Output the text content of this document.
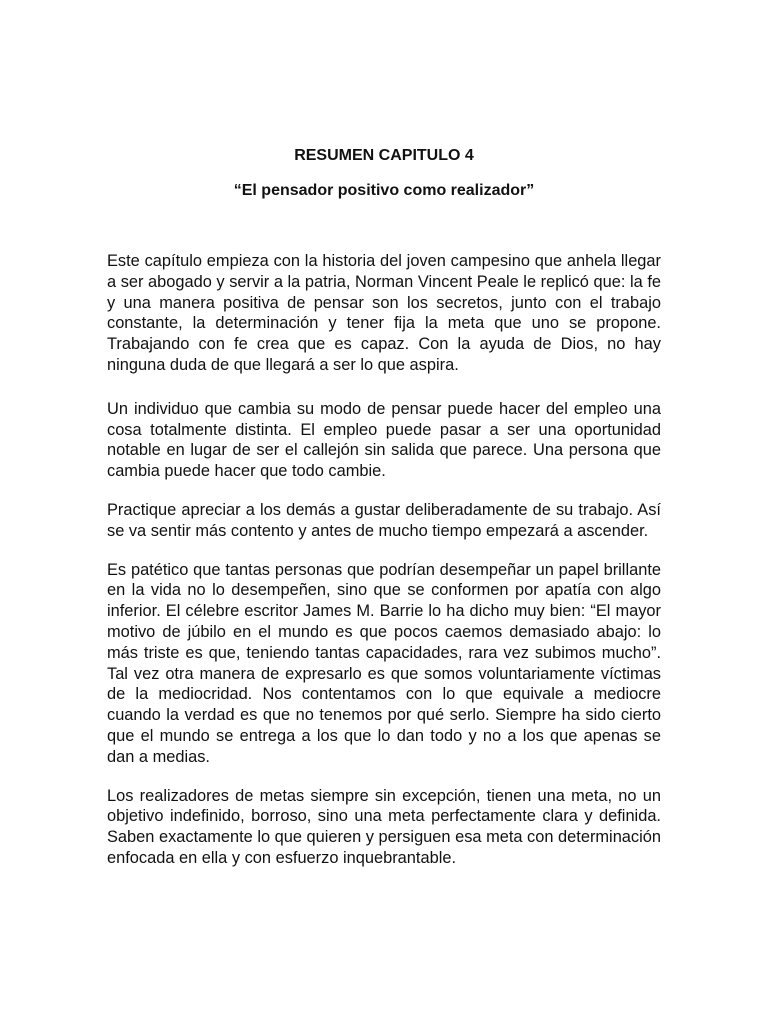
RESUMEN CAPITULO 4
“El pensador positivo como realizador”

Este capítulo empieza con la historia del joven campesino que anhela llegar a ser abogado y servir a la patria, Norman Vincent Peale le replicó que: la fe y una manera positiva de pensar son los secretos, junto con el trabajo constante, la determinación y tener fija la meta que uno se propone. Trabajando con fe crea que es capaz. Con la ayuda de Dios, no hay ninguna duda de que llegará a ser lo que aspira.

Un individuo que cambia su modo de pensar puede hacer del empleo una cosa totalmente distinta. El empleo puede pasar a ser una oportunidad notable en lugar de ser el callejón sin salida que parece. Una persona que cambia puede hacer que todo cambie.

Practique apreciar a los demás a gustar deliberadamente de su trabajo. Así se va sentir más contento y antes de mucho tiempo empezará a ascender.

Es patético que tantas personas que podrían desempeñar un papel brillante en la vida no lo desempeñen, sino que se conformen por apatía con algo inferior. El célebre escritor James M. Barrie lo ha dicho muy bien: “El mayor motivo de júbilo en el mundo es que pocos caemos demasiado abajo: lo más triste es que, teniendo tantas capacidades, rara vez subimos mucho”. Tal vez otra manera de expresarlo es que somos voluntariamente víctimas de la mediocridad. Nos contentamos con lo que equivale a mediocre cuando la verdad es que no tenemos por qué serlo. Siempre ha sido cierto que el mundo se entrega a los que lo dan todo y no a los que apenas se dan a medias.

Los realizadores de metas siempre sin excepción, tienen una meta, no un objetivo indefinido, borroso, sino una meta perfectamente clara y definida. Saben exactamente lo que quieren y persiguen esa meta con determinación enfocada en ella y con esfuerzo inquebrantable.
